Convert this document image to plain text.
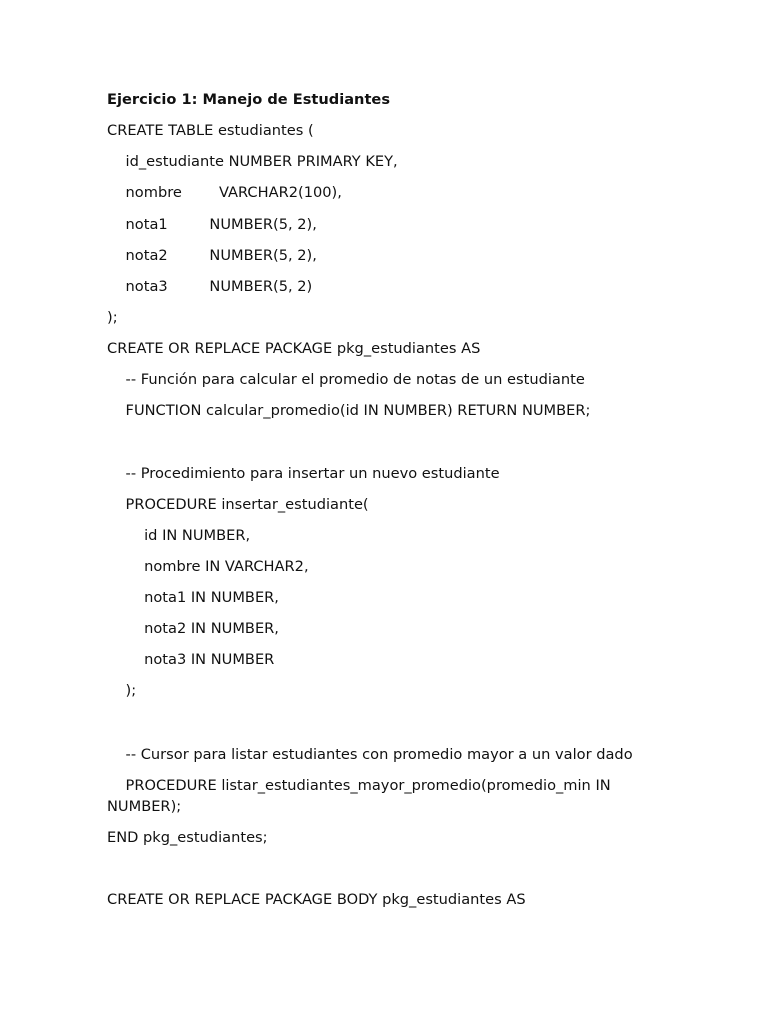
Ejercicio 1: Manejo de Estudiantes
CREATE TABLE estudiantes (
id_estudiante NUMBER PRIMARY KEY,
nombre        VARCHAR2(100),
nota1         NUMBER(5, 2),
nota2         NUMBER(5, 2),
nota3         NUMBER(5, 2)
);
CREATE OR REPLACE PACKAGE pkg_estudiantes AS
-- Función para calcular el promedio de notas de un estudiante
FUNCTION calcular_promedio(id IN NUMBER) RETURN NUMBER;
-- Procedimiento para insertar un nuevo estudiante
PROCEDURE insertar_estudiante(
id IN NUMBER,
nombre IN VARCHAR2,
nota1 IN NUMBER,
nota2 IN NUMBER,
nota3 IN NUMBER
);
-- Cursor para listar estudiantes con promedio mayor a un valor dado
PROCEDURE listar_estudiantes_mayor_promedio(promedio_min IN
NUMBER);
END pkg_estudiantes;
CREATE OR REPLACE PACKAGE BODY pkg_estudiantes AS
